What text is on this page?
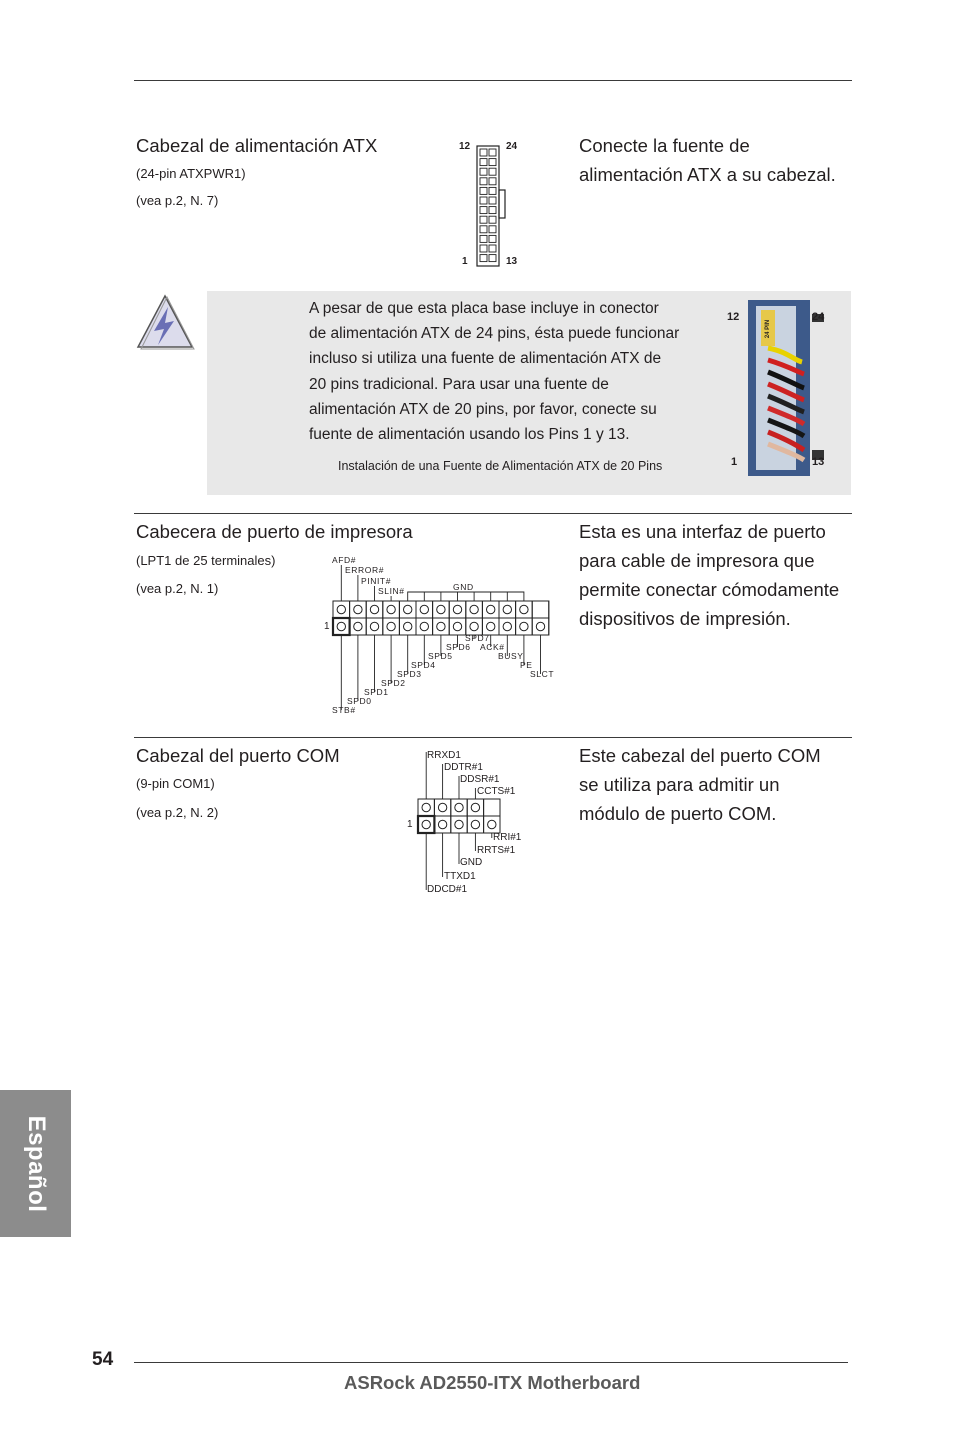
Cabezal de alimentación ATX
(24-pin ATXPWR1)
(vea p.2, N. 7)
12	24
1	13
Conecte la fuente de
alimentación ATX a su cabezal.
A pesar de que esta placa base incluye in conector
de alimentación ATX de 24 pins, ésta puede funcionar
incluso si utiliza una fuente de alimentación ATX de
20 pins tradicional. Para usar una fuente de
alimentación ATX de 20 pins, por favor, conecte su
fuente de alimentación usando los Pins 1 y 13.
Instalación de una Fuente de Alimentación ATX de 20 Pins
24 PIN
12	24
1	13
Cabecera de puerto de impresora
(LPT1 de 25 terminales)
(vea p.2, N. 1)
1
AFD#
ERROR#
PINIT#
SLIN#	GND
SPD7
SPD6 ACK#
SPD5	BUSY
SPD4	PE
SPD3	SLCT
SPD2
SPD1
SPD0
STB#
Esta es una interfaz de puerto
para cable de impresora que
permite conectar cómodamente
dispositivos de impresión.
Cabezal del puerto COM
(9-pin COM1)
(vea p.2, N. 2)
1
RRXD1
DDTR#1
DDSR#1
CCTS#1
RRI#1
RRTS#1
GND
TTXD1
DDCD#1
Este cabezal del puerto COM
se utiliza para admitir un
módulo de puerto COM.
Español
54
ASRock AD2550-ITX Motherboard
